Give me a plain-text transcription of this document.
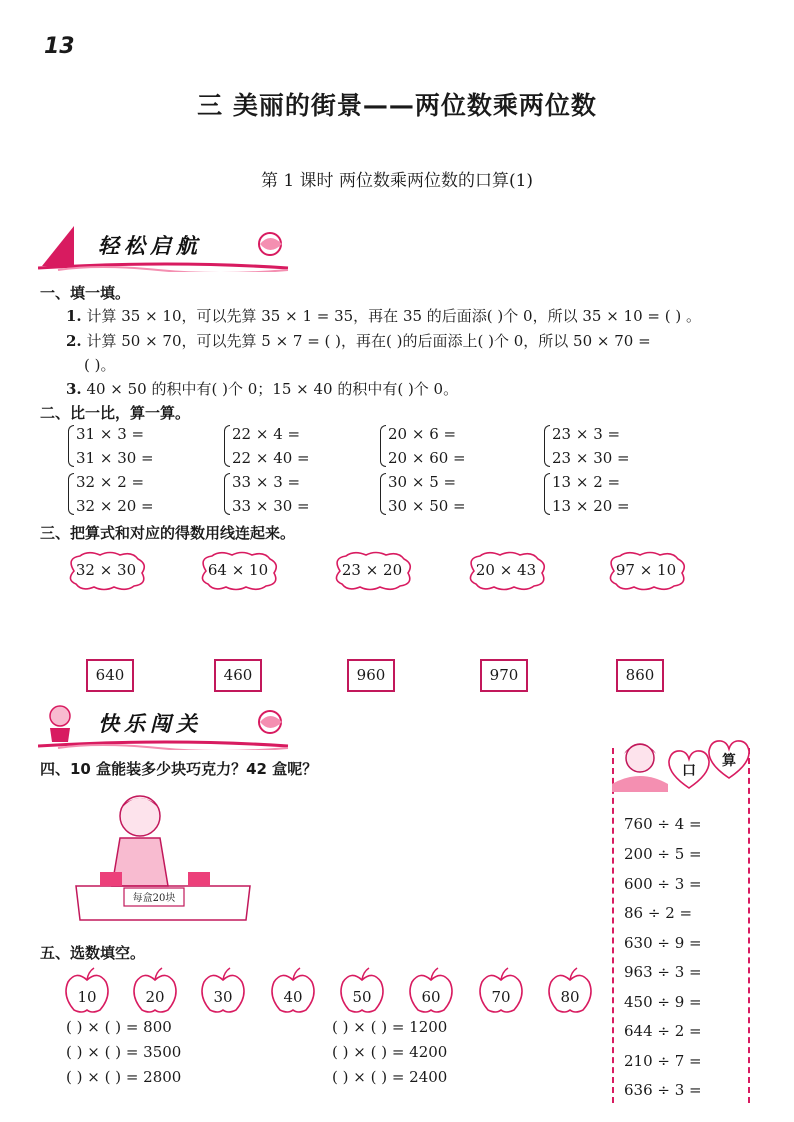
13
三 美丽的街景——两位数乘两位数
第 1 课时 两位数乘两位数的口算(1)
轻松启航
一、填一填。
1. 计算 35 × 10，可以先算 35 × 1 = 35，再在 35 的后面添( )个 0，所以 35 × 10 = ( ) 。
2. 计算 50 × 70，可以先算 5 × 7 = ( )，再在( )的后面添上( )个 0，所以 50 × 70 =
( )。
3. 40 × 50 的积中有( )个 0；15 × 40 的积中有( )个 0。
二、比一比，算一算。
31 × 3 =
31 × 30 =
22 × 4 =
22 × 40 =
20 × 6 =
20 × 60 =
23 × 3 =
23 × 30 =
32 × 2 =
32 × 20 =
33 × 3 =
33 × 30 =
30 × 5 =
30 × 50 =
13 × 2 =
13 × 20 =
三、把算式和对应的得数用线连起来。
32 × 30	64 × 10	23 × 20	20 × 43	97 × 10
640	460	960	970	860
快乐闯关
四、10 盒能装多少块巧克力？42 盒呢？
每盒20块
五、选数填空。
10	20	30	40	50	60	70	80
( ) × ( ) = 800
( ) × ( ) = 3500
( ) × ( ) = 2800
( ) × ( ) = 1200
( ) × ( ) = 4200
( ) × ( ) = 2400
口
算
760 ÷ 4 =
200 ÷ 5 =
600 ÷ 3 =
86 ÷ 2 =
630 ÷ 9 =
963 ÷ 3 =
450 ÷ 9 =
644 ÷ 2 =
210 ÷ 7 =
636 ÷ 3 =
